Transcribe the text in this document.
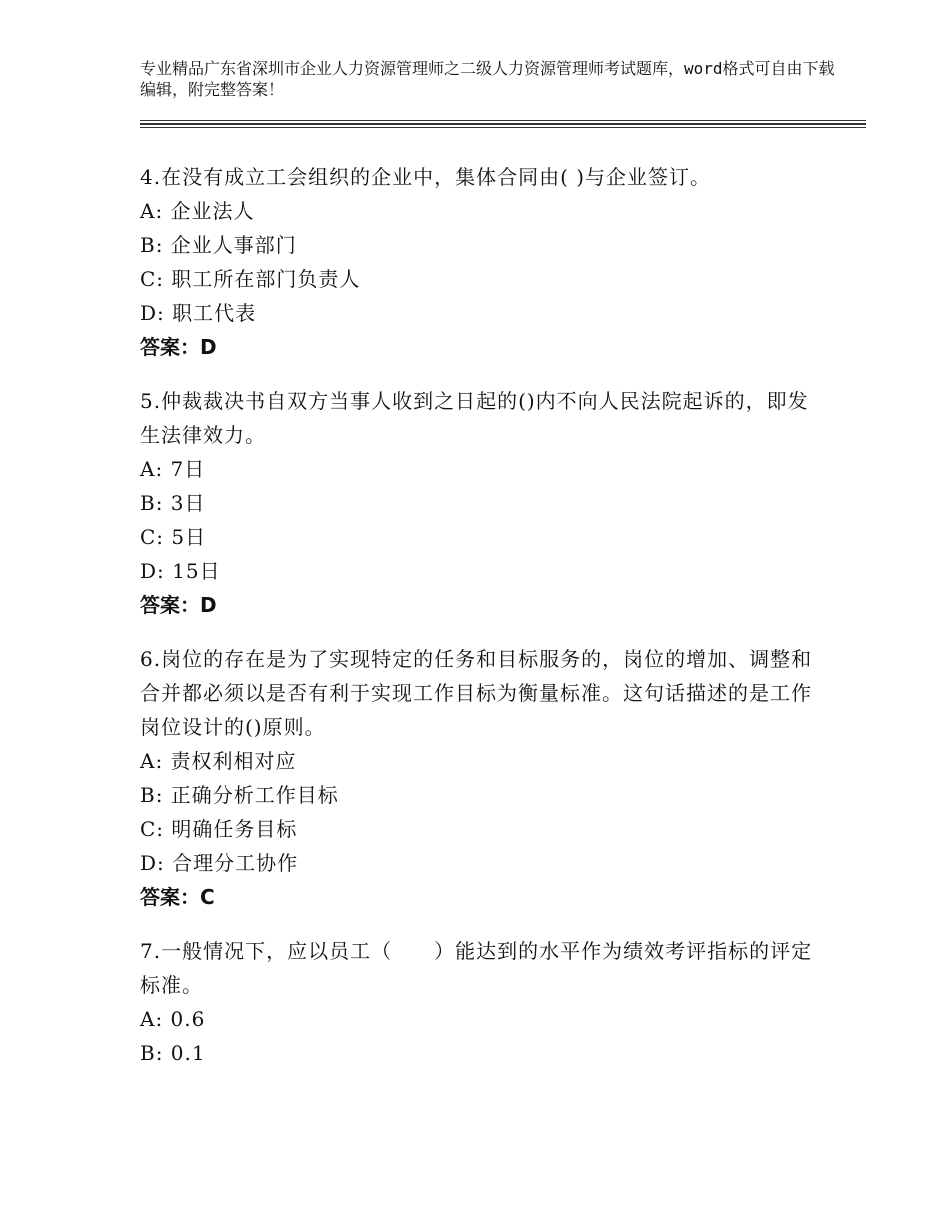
专业精品广东省深圳市企业人力资源管理师之二级人力资源管理师考试题库，word格式可自由下载编辑，附完整答案！

4.在没有成立工会组织的企业中，集体合同由( )与企业签订。

A: 企业法人

B: 企业人事部门

C: 职工所在部门负责人

D: 职工代表

答案：D

5.仲裁裁决书自双方当事人收到之日起的()内不向人民法院起诉的，即发生法律效力。

A: 7日

B: 3日

C: 5日

D: 15日

答案：D

6.岗位的存在是为了实现特定的任务和目标服务的，岗位的增加、调整和合并都必须以是否有利于实现工作目标为衡量标准。这句话描述的是工作岗位设计的()原则。

A: 责权利相对应

B: 正确分析工作目标

C: 明确任务目标

D: 合理分工协作

答案：C

7.一般情况下，应以员工（　　）能达到的水平作为绩效考评指标的评定标准。

A: 0.6

B: 0.1
